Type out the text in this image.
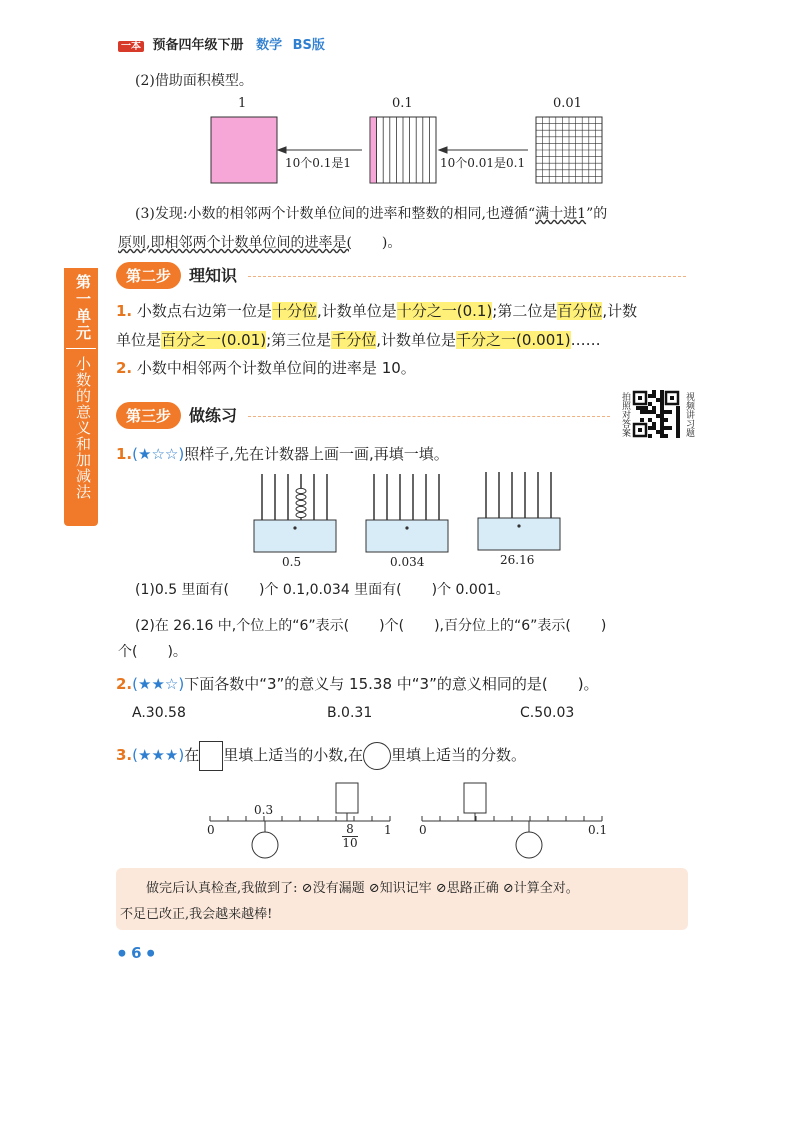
一本 预备四年级下册 数学 BS版
第一单元
小数的意义和加减法
(2)借助面积模型。
1	0.1	0.01
10个0.1是1	10个0.01是0.1
(3)发现:小数的相邻两个计数单位间的进率和整数的相同,也遵循“满十进1”的
原则,即相邻两个计数单位间的进率是( )。
第二步 理知识
1. 小数点右边第一位是十分位,计数单位是十分之一(0.1);第二位是百分位,计数
单位是百分之一(0.01);第三位是千分位,计数单位是千分之一(0.001)……
2. 小数中相邻两个计数单位间的进率是 10。
第三步 做练习	拍照对答案	视频讲习题
1.(★☆☆)照样子,先在计数器上画一画,再填一填。
0.5	0.034	26.16
(1)0.5 里面有( )个 0.1,0.034 里面有( )个 0.001。
(2)在 26.16 中,个位上的“6”表示( )个( ),百分位上的“6”表示( )
个( )。
2.(★★☆)下面各数中“3”的意义与 15.38 中“3”的意义相同的是( )。
A.30.58	B.0.31	C.50.03
3.(★★★)在 里填上适当的小数,在 里填上适当的分数。
0
0.3
8
10
1 0	0.1
做完后认真检查,我做到了: ⊘没有漏题 ⊘知识记牢 ⊘思路正确 ⊘计算全对。
不足已改正,我会越来越棒!
● 6 ●
